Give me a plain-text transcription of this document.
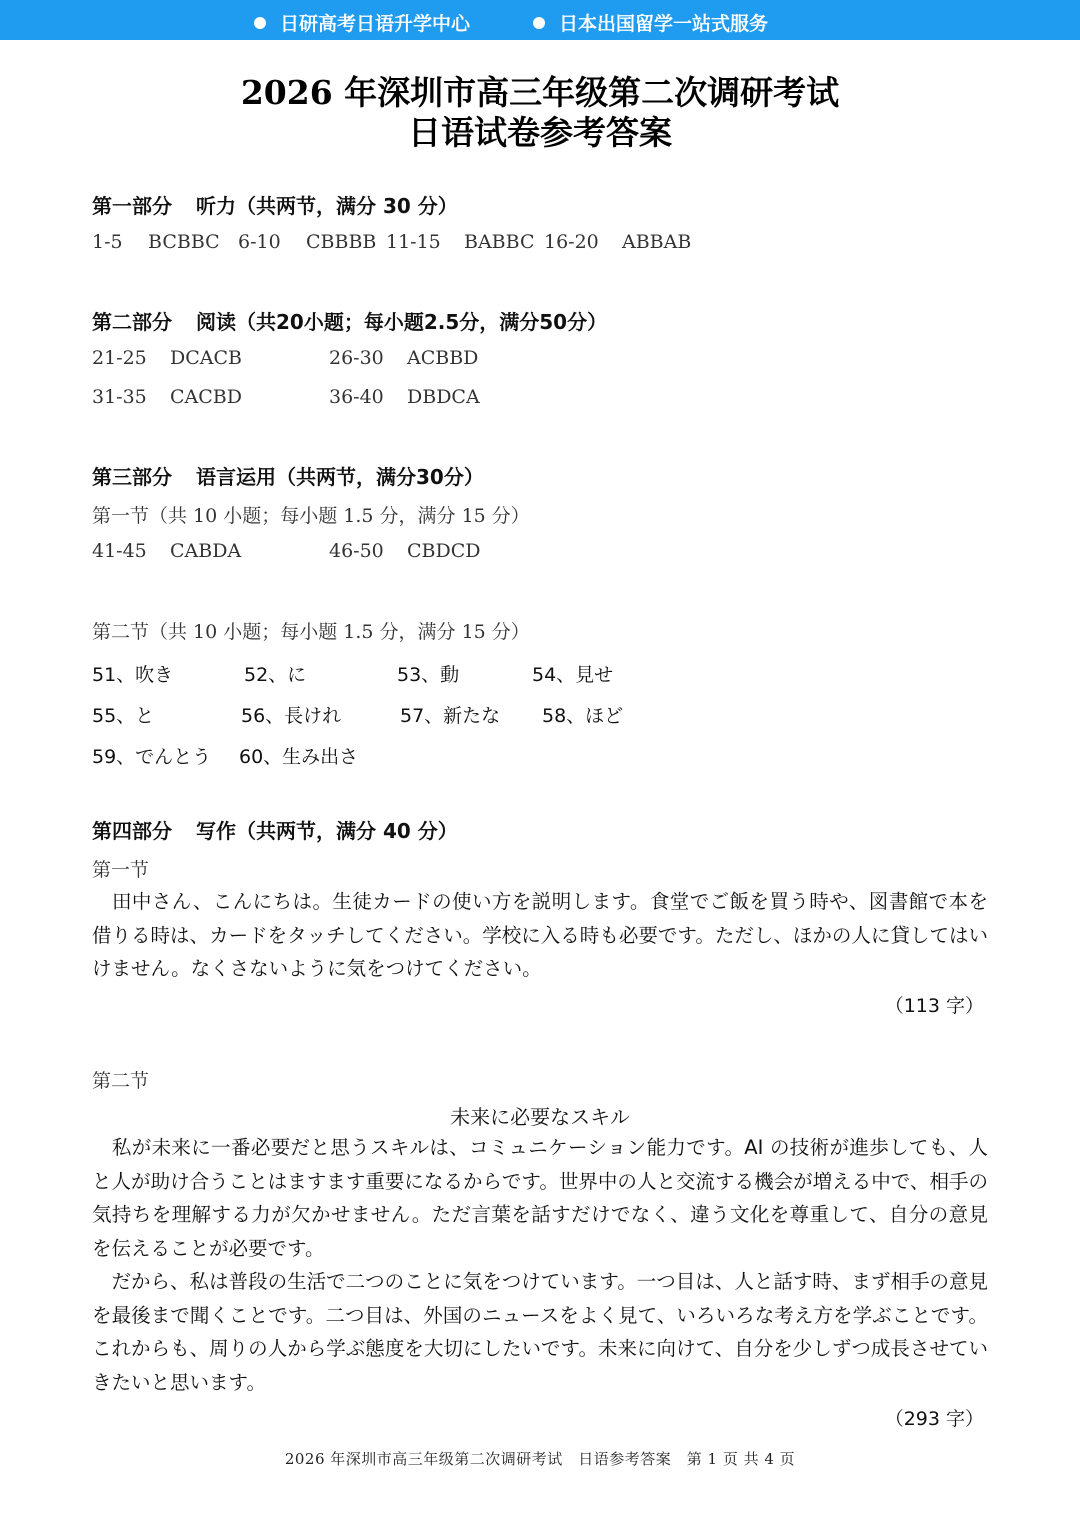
日研高考日语升学中心	日本出国留学一站式服务
2026 年深圳市高三年级第二次调研考试
日语试卷参考答案
第一部分 听力（共两节，满分 30 分）
1-5 BCBBC 6-10 CBBBB 11-15 BABBC 16-20 ABBAB
第二部分 阅读（共20小题；每小题2.5分，满分50分）
21-25 DCACB	26-30 ACBBD
31-35 CACBD	36-40 DBDCA
第三部分 语言运用（共两节，满分30分）
第一节（共 10 小题；每小题 1.5 分，满分 15 分）
41-45 CABDA	46-50 CBDCD
第二节（共 10 小题；每小题 1.5 分，满分 15 分）
51、吹き	52、に	53、動	54、見せ
55、と	56、長けれ	57、新たな 58、ほど
59、でんとう 60、生み出さ
第四部分 写作（共两节，满分 40 分）
第一节
　田中さん、こんにちは。生徒カードの使い方を説明します。食堂でご飯を買う時や、図書館で本を借りる時は、カードをタッチしてください。学校に入る時も必要です。ただし、ほかの人に貸してはいけません。なくさないように気をつけてください。
（113 字）
第二节
未来に必要なスキル
　私が未来に一番必要だと思うスキルは、コミュニケーション能力です。AI の技術が進歩しても、人と人が助け合うことはますます重要になるからです。世界中の人と交流する機会が増える中で、相手の気持ちを理解する力が欠かせません。ただ言葉を話すだけでなく、違う文化を尊重して、自分の意見を伝えることが必要です。
　だから、私は普段の生活で二つのことに気をつけています。一つ目は、人と話す時、まず相手の意見を最後まで聞くことです。二つ目は、外国のニュースをよく見て、いろいろな考え方を学ぶことです。これからも、周りの人から学ぶ態度を大切にしたいです。未来に向けて、自分を少しずつ成長させていきたいと思います。
（293 字）
2026 年深圳市高三年级第二次调研考试　日语参考答案　第 1 页 共 4 页
